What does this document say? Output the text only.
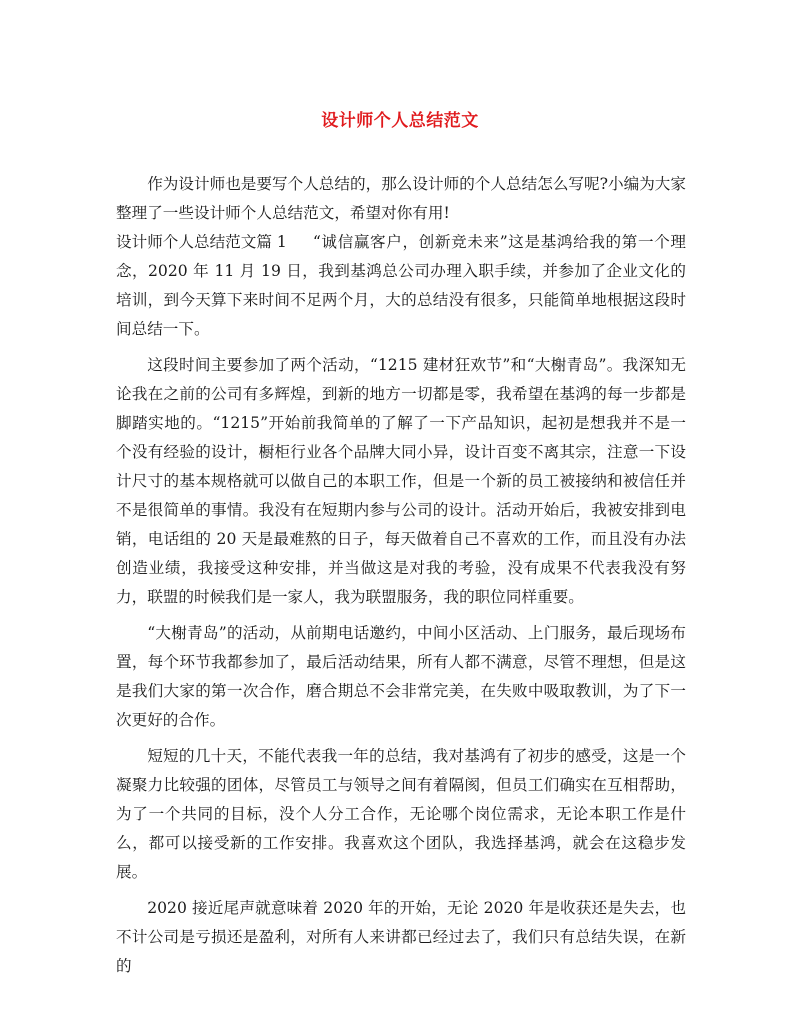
设计师个人总结范文

作为设计师也是要写个人总结的，那么设计师的个人总结怎么写呢?小编为大家整理了一些设计师个人总结范文，希望对你有用!

设计师个人总结范文篇 1 “诚信赢客户，创新竞未来”这是基鸿给我的第一个理念，2020 年 11 月 19 日，我到基鸿总公司办理入职手续，并参加了企业文化的培训，到今天算下来时间不足两个月，大的总结没有很多，只能简单地根据这段时间总结一下。

这段时间主要参加了两个活动，“1215 建材狂欢节”和“大榭青岛”。我深知无论我在之前的公司有多辉煌，到新的地方一切都是零，我希望在基鸿的每一步都是脚踏实地的。“1215”开始前我简单的了解了一下产品知识，起初是想我并不是一个没有经验的设计，橱柜行业各个品牌大同小异，设计百变不离其宗，注意一下设计尺寸的基本规格就可以做自己的本职工作，但是一个新的员工被接纳和被信任并不是很简单的事情。我没有在短期内参与公司的设计。活动开始后，我被安排到电销，电话组的 20 天是最难熬的日子，每天做着自己不喜欢的工作，而且没有办法创造业绩，我接受这种安排，并当做这是对我的考验，没有成果不代表我没有努力，联盟的时候我们是一家人，我为联盟服务，我的职位同样重要。

“大榭青岛”的活动，从前期电话邀约，中间小区活动、上门服务，最后现场布置，每个环节我都参加了，最后活动结果，所有人都不满意，尽管不理想，但是这是我们大家的第一次合作，磨合期总不会非常完美，在失败中吸取教训，为了下一次更好的合作。

短短的几十天，不能代表我一年的总结，我对基鸿有了初步的感受，这是一个凝聚力比较强的团体，尽管员工与领导之间有着隔阂，但员工们确实在互相帮助，为了一个共同的目标，没个人分工合作，无论哪个岗位需求，无论本职工作是什么，都可以接受新的工作安排。我喜欢这个团队，我选择基鸿，就会在这稳步发展。

2020 接近尾声就意味着 2020 年的开始，无论 2020 年是收获还是失去，也不计公司是亏损还是盈利，对所有人来讲都已经过去了，我们只有总结失误，在新的
